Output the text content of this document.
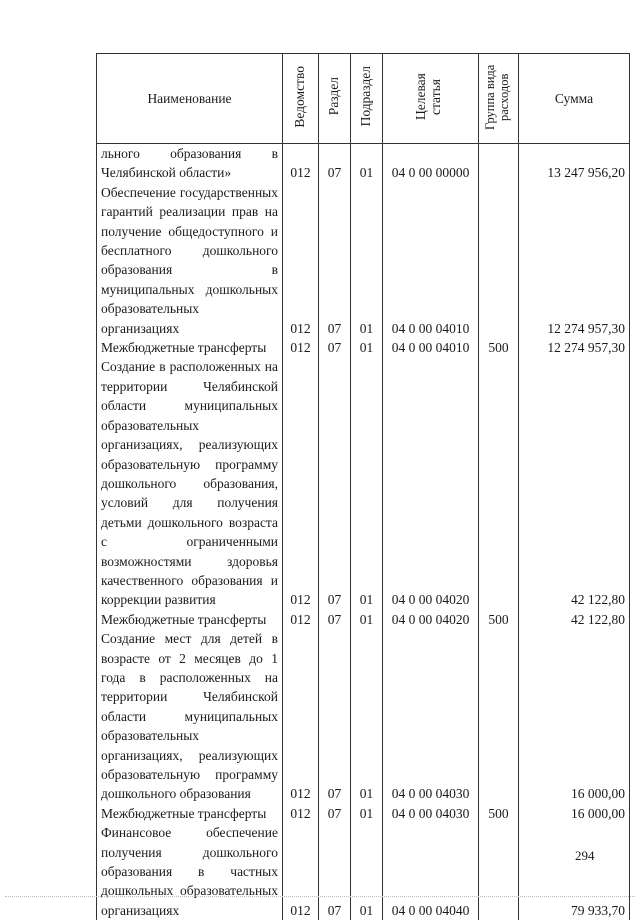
Наименование	Ведомство	Раздел	Подраздел	Целевая статья	Группа вида расходов	Сумма
льного образования в Челябинской области»	012	07	01	04 0 00 00000		13 247 956,20
Обеспечение государственных гарантий реализации прав на получение общедоступного и бесплатного дошкольного образования в муниципальных дошкольных образовательных организациях	012	07	01	04 0 00 04010		12 274 957,30
Межбюджетные трансферты	012	07	01	04 0 00 04010	500	12 274 957,30
Создание в расположенных на территории Челябинской области муниципальных образовательных организациях, реализующих образовательную программу дошкольного образования, условий для получения детьми дошкольного возраста с ограниченными возможностями здоровья качественного образования и коррекции развития	012	07	01	04 0 00 04020		42 122,80
Межбюджетные трансферты	012	07	01	04 0 00 04020	500	42 122,80
Создание мест для детей в возрасте от 2 месяцев до 1 года в расположенных на территории Челябинской области муниципальных образовательных организациях, реализующих образовательную программу дошкольного образования	012	07	01	04 0 00 04030		16 000,00
Межбюджетные трансферты	012	07	01	04 0 00 04030	500	16 000,00
Финансовое обеспечение получения дошкольного образования в частных дошкольных образовательных организациях	012	07	01	04 0 00 04040		79 933,70
294
